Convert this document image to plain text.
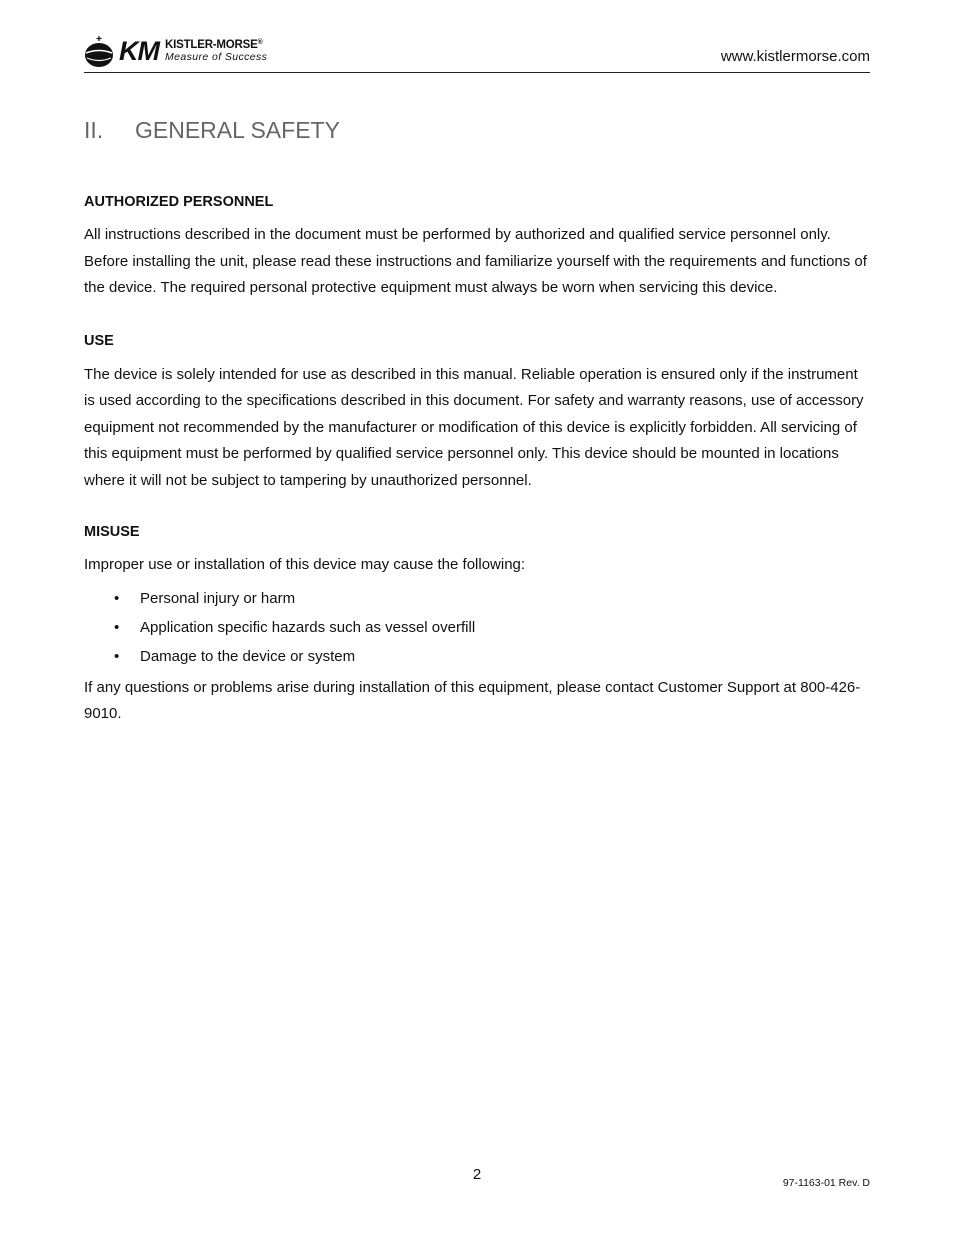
KM KISTLER-MORSE®
Measure of Success	www.kistlermorse.com
II. GENERAL SAFETY

AUTHORIZED PERSONNEL

All instructions described in the document must be performed by authorized and qualified service personnel only. Before installing the unit, please read these instructions and familiarize yourself with the requirements and functions of the device. The required personal protective equipment must always be worn when servicing this device.

USE

The device is solely intended for use as described in this manual. Reliable operation is ensured only if the instrument is used according to the specifications described in this document. For safety and warranty reasons, use of accessory equipment not recommended by the manufacturer or modification of this device is explicitly forbidden. All servicing of this equipment must be performed by qualified service personnel only. This device should be mounted in locations where it will not be subject to tampering by unauthorized personnel.

MISUSE

Improper use or installation of this device may cause the following:

• Personal injury or harm
• Application specific hazards such as vessel overfill
• Damage to the device or system

If any questions or problems arise during installation of this equipment, please contact Customer Support at 800-426-9010.

2	97-1163-01 Rev. D
